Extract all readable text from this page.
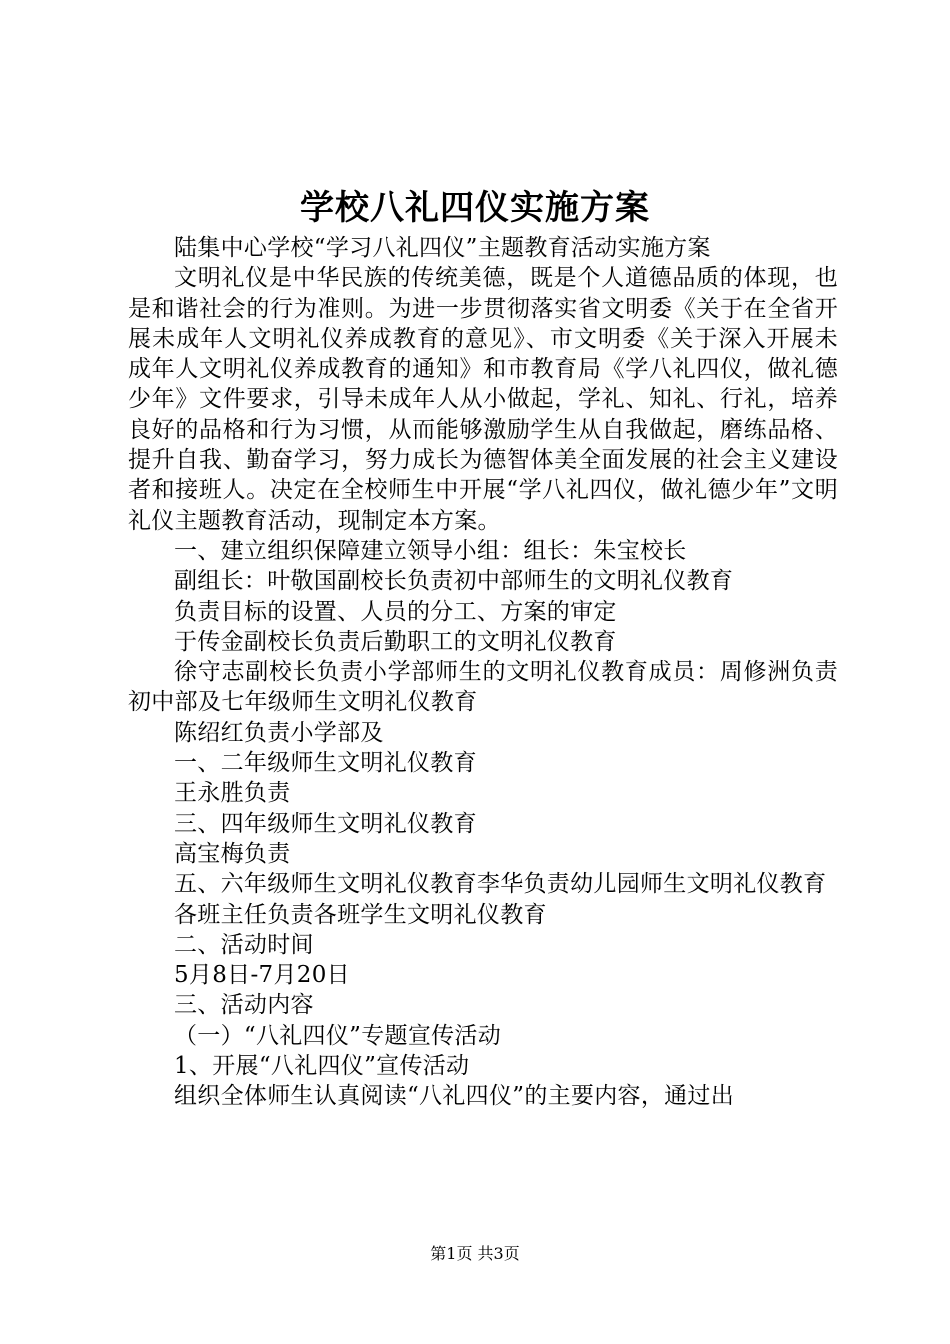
学校八礼四仪实施方案

陆集中心学校“学习八礼四仪”主题教育活动实施方案

文明礼仪是中华民族的传统美德，既是个人道德品质的体现，也是和谐社会的行为准则。为进一步贯彻落实省文明委《关于在全省开展未成年人文明礼仪养成教育的意见》、市文明委《关于深入开展未成年人文明礼仪养成教育的通知》和市教育局《学八礼四仪，做礼德少年》文件要求，引导未成年人从小做起，学礼、知礼、行礼，培养良好的品格和行为习惯，从而能够激励学生从自我做起，磨练品格、提升自我、勤奋学习，努力成长为德智体美全面发展的社会主义建设者和接班人。决定在全校师生中开展“学八礼四仪，做礼德少年”文明礼仪主题教育活动，现制定本方案。

一、建立组织保障建立领导小组：组长：朱宝校长

副组长：叶敬国副校长负责初中部师生的文明礼仪教育

负责目标的设置、人员的分工、方案的审定

于传金副校长负责后勤职工的文明礼仪教育

徐守志副校长负责小学部师生的文明礼仪教育成员：周修洲负责初中部及七年级师生文明礼仪教育

陈绍红负责小学部及

一、二年级师生文明礼仪教育

王永胜负责

三、四年级师生文明礼仪教育

高宝梅负责

五、六年级师生文明礼仪教育李华负责幼儿园师生文明礼仪教育

各班主任负责各班学生文明礼仪教育

二、活动时间

5月8日-7月20日

三、活动内容

（一）“八礼四仪”专题宣传活动

1、开展“八礼四仪”宣传活动

组织全体师生认真阅读“八礼四仪”的主要内容，通过出

第1页 共3页
